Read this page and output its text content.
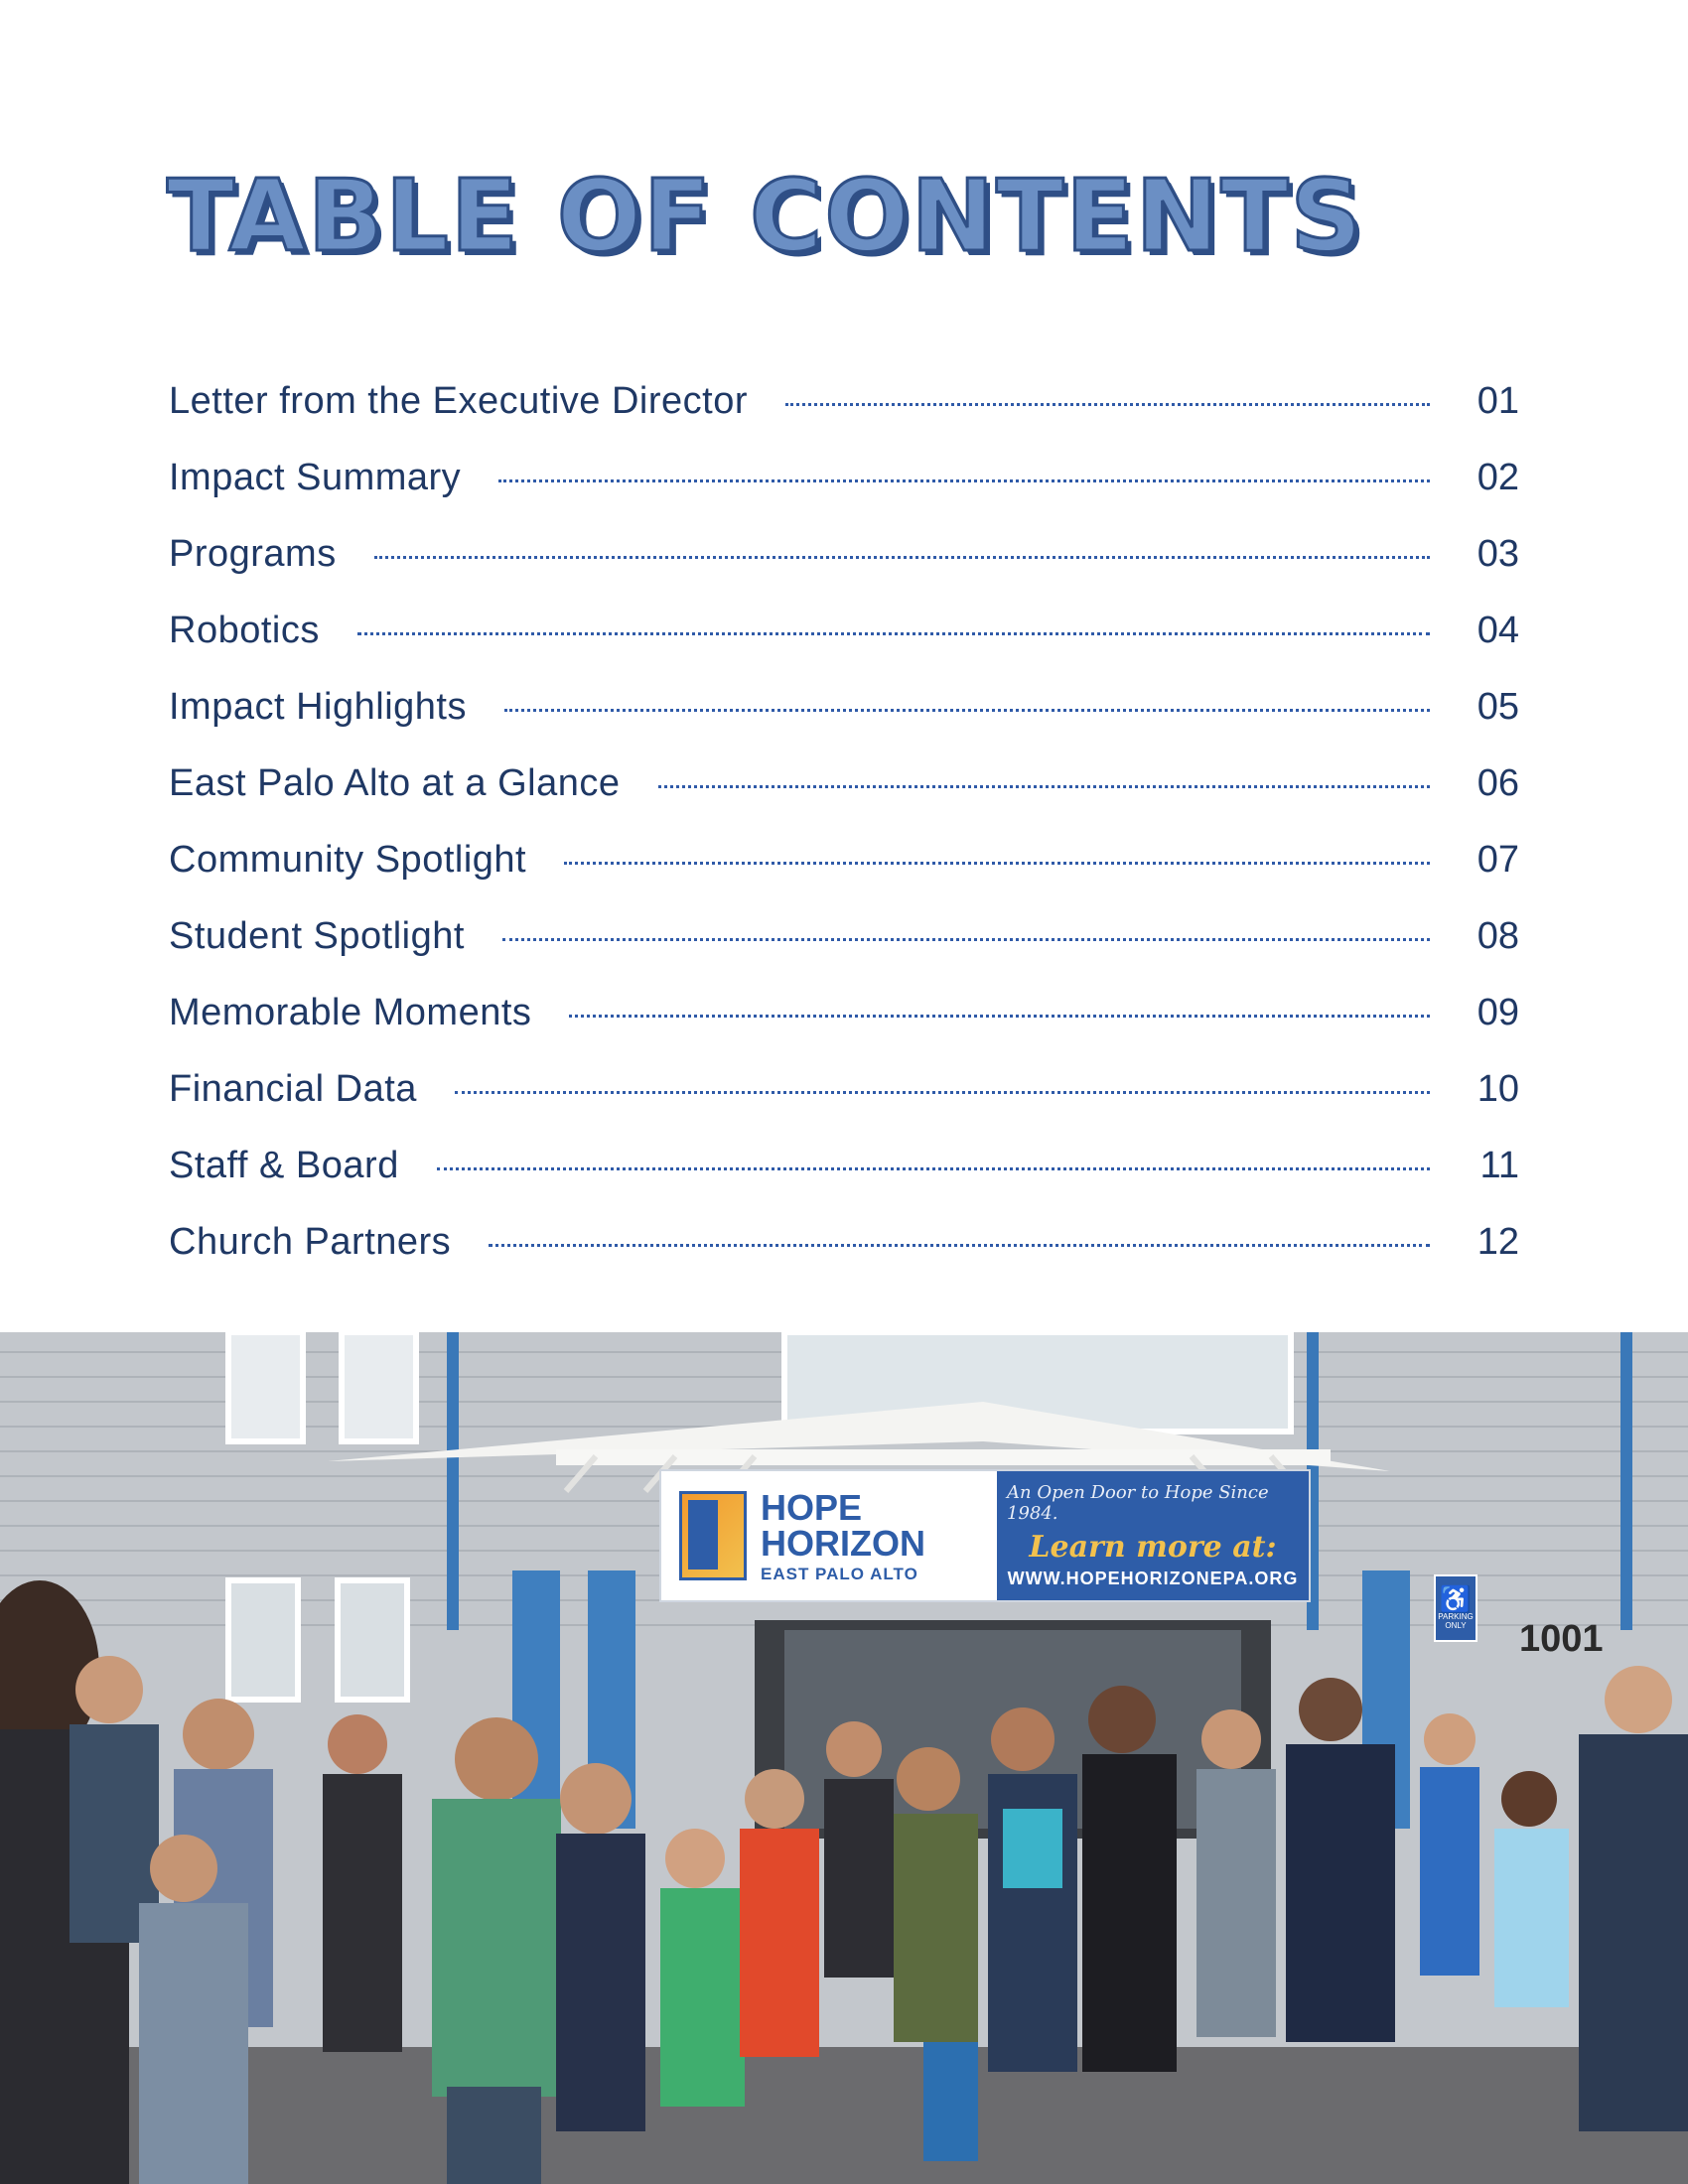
TABLE OF CONTENTS
Letter from the Executive Director	01
Impact Summary	02
Programs	03
Robotics	04
Impact Highlights	05
East Palo Alto at a Glance	06
Community Spotlight	07
Student Spotlight	08
Memorable Moments	09
Financial Data	10
Staff & Board	11
Church Partners	12
HOPE
HORIZON
EAST PALO ALTO
An Open Door to Hope Since 1984.
Learn more at:
WWW.HOPEHORIZONEPA.ORG
♿
PARKING ONLY 1001
